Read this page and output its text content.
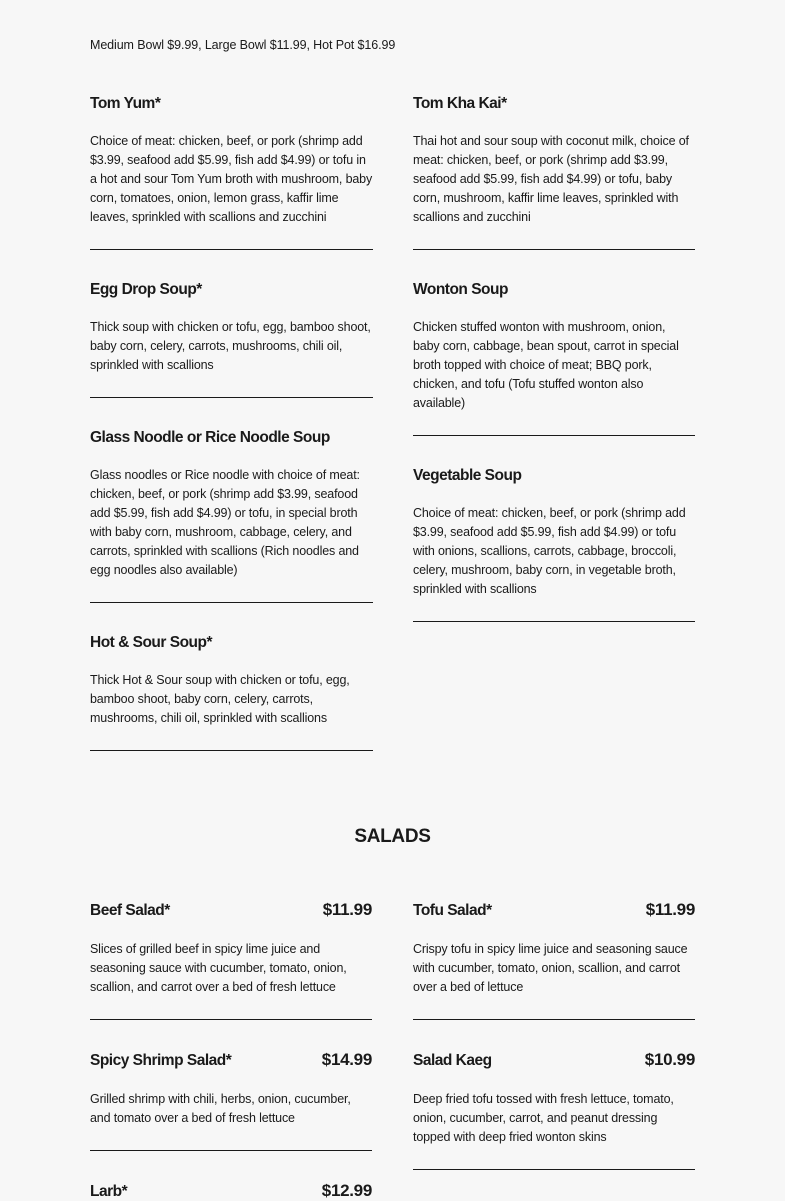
Medium Bowl $9.99, Large Bowl $11.99, Hot Pot $16.99
Tom Yum*

Choice of meat: chicken, beef, or pork (shrimp add $3.99, seafood add $5.99, fish add $4.99) or tofu in a hot and sour Tom Yum broth with mushroom, baby corn, tomatoes, onion, lemon grass, kaffir lime leaves, sprinkled with scallions and zucchini

Egg Drop Soup*

Thick soup with chicken or tofu, egg, bamboo shoot, baby corn, celery, carrots, mushrooms, chili oil, sprinkled with scallions

Glass Noodle or Rice Noodle Soup

Glass noodles or Rice noodle with choice of meat: chicken, beef, or pork (shrimp add $3.99, seafood add $5.99, fish add $4.99) or tofu, in special broth with baby corn, mushroom, cabbage, celery, and carrots, sprinkled with scallions (Rich noodles and egg noodles also available)

Hot & Sour Soup*

Thick Hot & Sour soup with chicken or tofu, egg, bamboo shoot, baby corn, celery, carrots, mushrooms, chili oil, sprinkled with scallions

Tom Kha Kai*

Thai hot and sour soup with coconut milk, choice of meat: chicken, beef, or pork (shrimp add $3.99, seafood add $5.99, fish add $4.99) or tofu, baby corn, mushroom, kaffir lime leaves, sprinkled with scallions and zucchini

Wonton Soup

Chicken stuffed wonton with mushroom, onion, baby corn, cabbage, bean spout, carrot in special broth topped with choice of meat; BBQ pork, chicken, and tofu (Tofu stuffed wonton also available)

Vegetable Soup

Choice of meat: chicken, beef, or pork (shrimp add $3.99, seafood add $5.99, fish add $4.99) or tofu with onions, scallions, carrots, cabbage, broccoli, celery, mushroom, baby corn, in vegetable broth, sprinkled with scallions

SALADS
Beef Salad*	$11.99

Slices of grilled beef in spicy lime juice and seasoning sauce with cucumber, tomato, onion, scallion, and carrot over a bed of fresh lettuce

Spicy Shrimp Salad*	$14.99

Grilled shrimp with chili, herbs, onion, cucumber, and tomato over a bed of fresh lettuce

Larb*	$12.99
Tofu Salad*	$11.99

Crispy tofu in spicy lime juice and seasoning sauce with cucumber, tomato, onion, scallion, and carrot over a bed of lettuce

Salad Kaeg	$10.99

Deep fried tofu tossed with fresh lettuce, tomato, onion, cucumber, carrot, and peanut dressing topped with deep fried wonton skins
